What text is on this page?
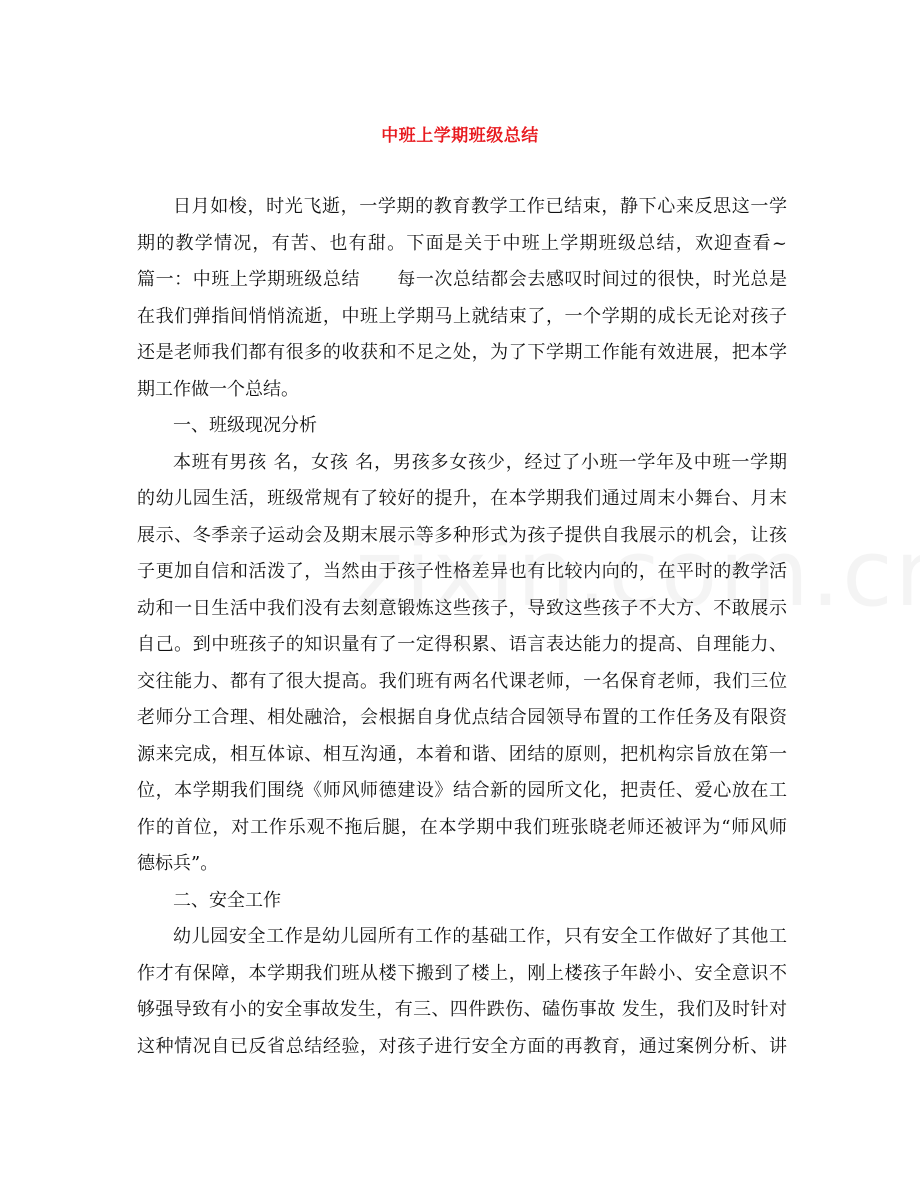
中班上学期班级总结
日月如梭，时光飞逝，一学期的教育教学工作已结束，静下心来反思这一学
期的教学情况，有苦、也有甜。下面是关于中班上学期班级总结，欢迎查看~
篇一：中班上学期班级总结　　每一次总结都会去感叹时间过的很快，时光总是
在我们弹指间悄悄流逝，中班上学期马上就结束了，一个学期的成长无论对孩子
还是老师我们都有很多的收获和不足之处，为了下学期工作能有效进展，把本学
期工作做一个总结。
一、班级现况分析
本班有男孩 名，女孩 名，男孩多女孩少，经过了小班一学年及中班一学期
的幼儿园生活，班级常规有了较好的提升，在本学期我们通过周末小舞台、月末
展示、冬季亲子运动会及期末展示等多种形式为孩子提供自我展示的机会，让孩
子更加自信和活泼了，当然由于孩子性格差异也有比较内向的，在平时的教学活
动和一日生活中我们没有去刻意锻炼这些孩子，导致这些孩子不大方、不敢展示
自己。到中班孩子的知识量有了一定得积累、语言表达能力的提高、自理能力、
交往能力、都有了很大提高。我们班有两名代课老师，一名保育老师，我们三位
老师分工合理、相处融洽，会根据自身优点结合园领导布置的工作任务及有限资
源来完成，相互体谅、相互沟通，本着和谐、团结的原则，把机构宗旨放在第一
位，本学期我们围绕《师风师德建设》结合新的园所文化，把责任、爱心放在工
作的首位，对工作乐观不拖后腿，在本学期中我们班张晓老师还被评为“师风师
德标兵”。
二、安全工作
幼儿园安全工作是幼儿园所有工作的基础工作，只有安全工作做好了其他工
作才有保障，本学期我们班从楼下搬到了楼上，刚上楼孩子年龄小、安全意识不
够强导致有小的安全事故发生，有三、四件跌伤、磕伤事故 发生，我们及时针对
这种情况自已反省总结经验，对孩子进行安全方面的再教育，通过案例分析、讲
